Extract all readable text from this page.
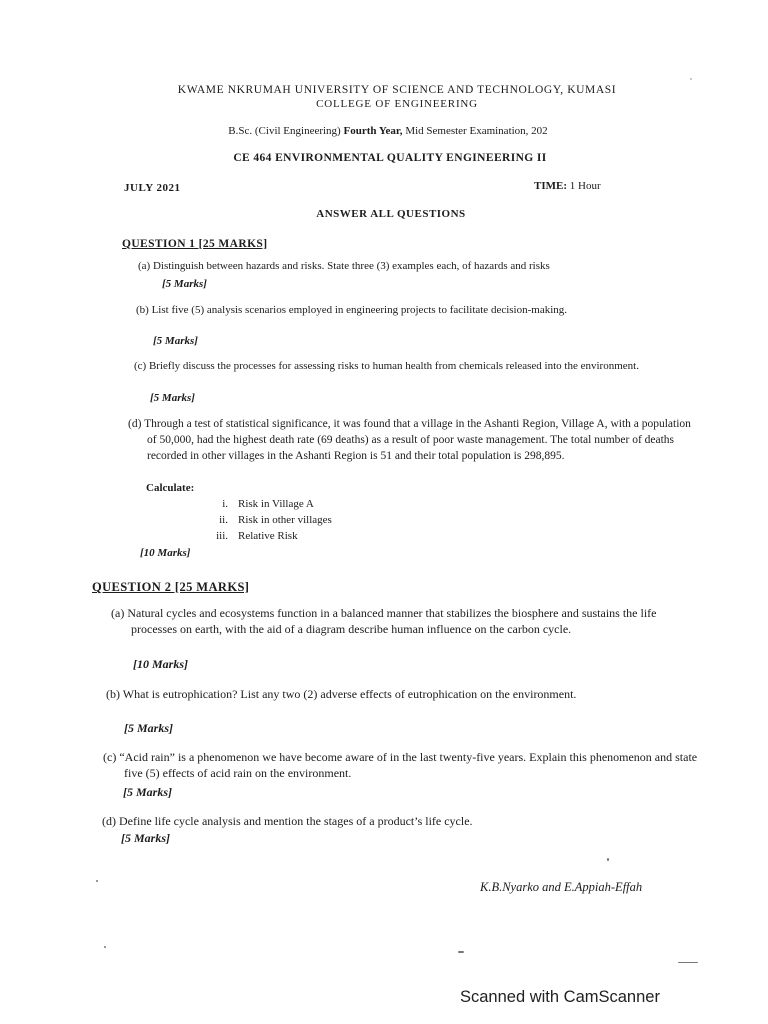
KWAME NKRUMAH UNIVERSITY OF SCIENCE AND TECHNOLOGY, KUMASI
COLLEGE OF ENGINEERING
B.Sc. (Civil Engineering) Fourth Year, Mid Semester Examination, 202
CE 464 ENVIRONMENTAL QUALITY ENGINEERING II
JULY 2021	TIME: 1 Hour
ANSWER ALL QUESTIONS
QUESTION 1 [25 MARKS]
(a) Distinguish between hazards and risks. State three (3) examples each, of hazards and risks
[5 Marks]
(b) List five (5) analysis scenarios employed in engineering projects to facilitate decision-making.
[5 Marks]
(c) Briefly discuss the processes for assessing risks to human health from chemicals released into the environment.
[5 Marks]
(d) Through a test of statistical significance, it was found that a village in the Ashanti Region, Village A, with a population of 50,000, had the highest death rate (69 deaths) as a result of poor waste management. The total number of deaths recorded in other villages in the Ashanti Region is 51 and their total population is 298,895.
Calculate:
i. Risk in Village A
ii. Risk in other villages
iii. Relative Risk
[10 Marks]
QUESTION 2 [25 MARKS]
(a) Natural cycles and ecosystems function in a balanced manner that stabilizes the biosphere and sustains the life processes on earth, with the aid of a diagram describe human influence on the carbon cycle.
[10 Marks]
(b) What is eutrophication? List any two (2) adverse effects of eutrophication on the environment.
[5 Marks]
(c) “Acid rain” is a phenomenon we have become aware of in the last twenty-five years. Explain this phenomenon and state five (5) effects of acid rain on the environment.
[5 Marks]
(d) Define life cycle analysis and mention the stages of a product’s life cycle.
[5 Marks]
K.B.Nyarko and E.Appiah-Effah
Scanned with CamScanner
